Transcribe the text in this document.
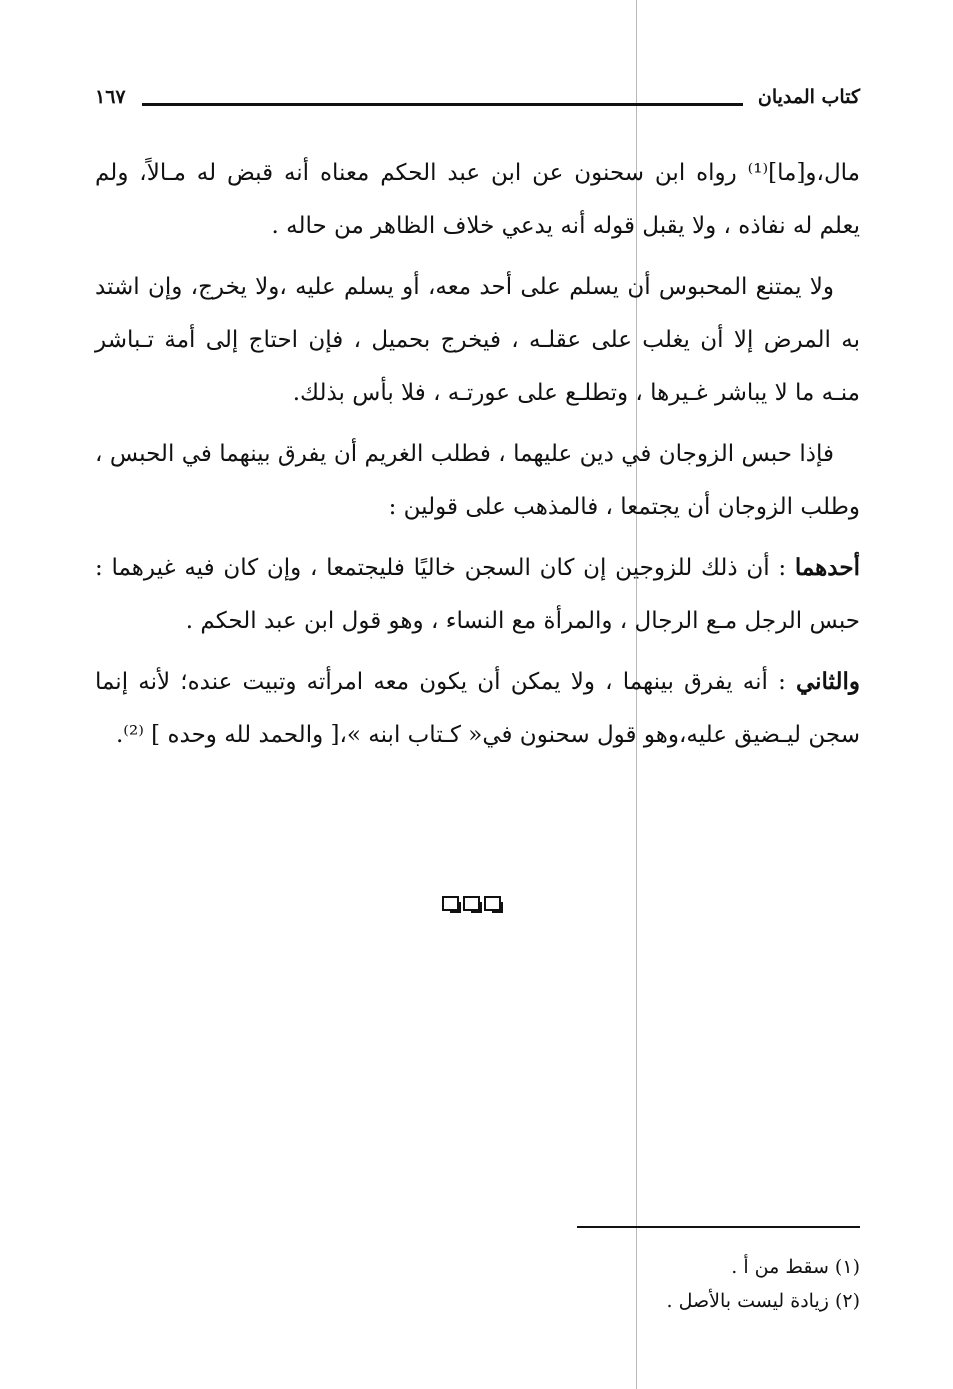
كتاب المديان
١٦٧

مال،و[ما]⁽¹⁾ رواه ابن سحنون عن ابن عبد الحكم معناه أنه قبض له مـالاً، ولم يعلم له نفاذه ، ولا يقبل قوله أنه يدعي خلاف الظاهر من حاله .

ولا يمتنع المحبوس أن يسلم على أحد معه، أو يسلم عليه ،ولا يخرج، وإن اشتد به المرض إلا أن يغلب على عقلـه ، فيخرج بحميل ، فإن احتاج إلى أمة تـباشر منـه ما لا يباشر غـيرها ، وتطلـع على عورتـه ، فلا بأس بذلك.

فإذا حبس الزوجان في دين عليهما ، فطلب الغريم أن يفرق بينهما في الحبس ، وطلب الزوجان أن يجتمعا ، فالمذهب على قولين :

أحدهما : أن ذلك للزوجين إن كان السجن خاليًا فليجتمعا ، وإن كان فيه غيرهما : حبس الرجل مـع الرجال ، والمرأة مع النساء ، وهو قول ابن عبد الحكم .

والثاني : أنه يفرق بينهما ، ولا يمكن أن يكون معه امرأته وتبيت عنده؛ لأنه إنما سجن ليـضيق عليه،وهو قول سحنون في« كـتاب ابنه »،[ والحمد لله وحده ] ⁽²⁾.

(١) سقط من أ .

(٢) زيادة ليست بالأصل .
